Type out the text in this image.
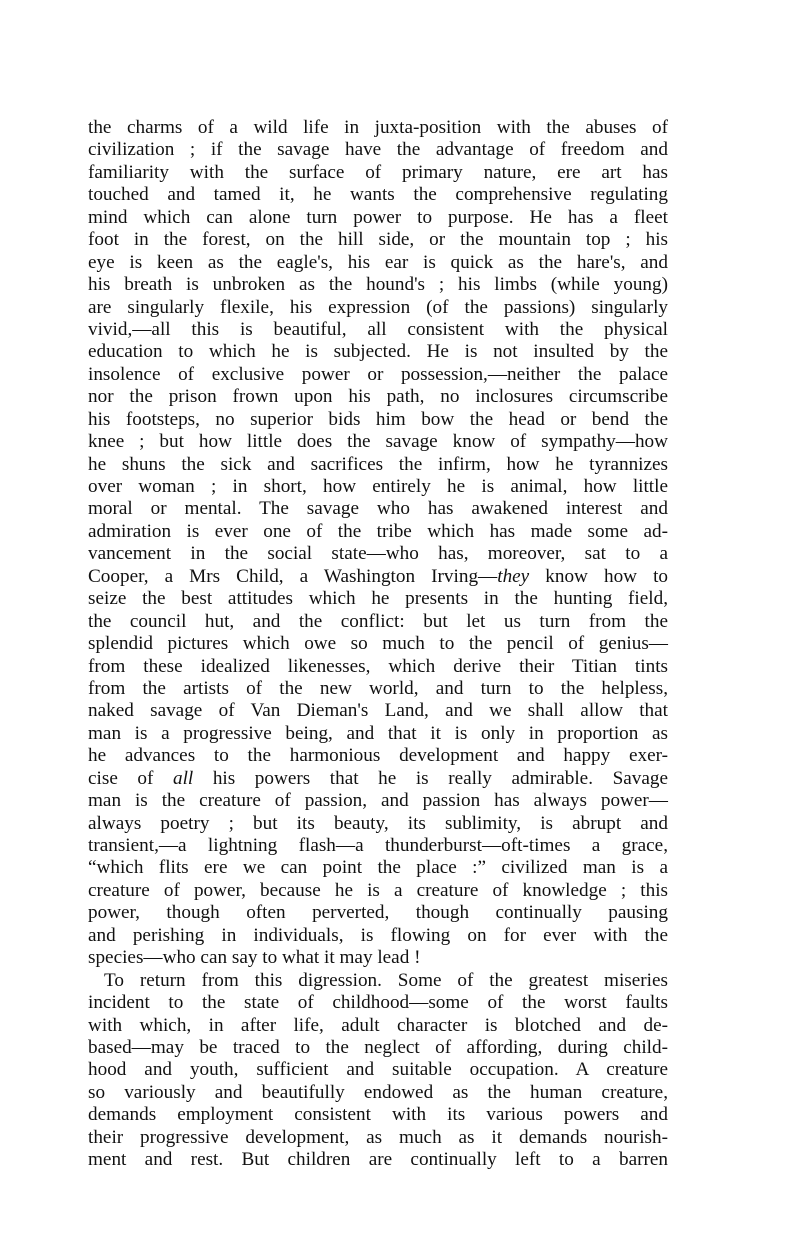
the charms of a wild life in juxta-position with the abuses of
civilization ; if the savage have the advantage of freedom and
familiarity with the surface of primary nature, ere art has
touched and tamed it, he wants the comprehensive regulating
mind which can alone turn power to purpose. He has a fleet
foot in the forest, on the hill side, or the mountain top ; his
eye is keen as the eagle's, his ear is quick as the hare's, and
his breath is unbroken as the hound's ; his limbs (while young)
are singularly flexile, his expression (of the passions) singularly
vivid,—all this is beautiful, all consistent with the physical
education to which he is subjected. He is not insulted by the
insolence of exclusive power or possession,—neither the palace
nor the prison frown upon his path, no inclosures circumscribe
his footsteps, no superior bids him bow the head or bend the
knee ; but how little does the savage know of sympathy—how
he shuns the sick and sacrifices the infirm, how he tyrannizes
over woman ; in short, how entirely he is animal, how little
moral or mental. The savage who has awakened interest and
admiration is ever one of the tribe which has made some ad-
vancement in the social state—who has, moreover, sat to a
Cooper, a Mrs Child, a Washington Irving—they know how to
seize the best attitudes which he presents in the hunting field,
the council hut, and the conflict: but let us turn from the
splendid pictures which owe so much to the pencil of genius—
from these idealized likenesses, which derive their Titian tints
from the artists of the new world, and turn to the helpless,
naked savage of Van Dieman's Land, and we shall allow that
man is a progressive being, and that it is only in proportion as
he advances to the harmonious development and happy exer-
cise of all his powers that he is really admirable. Savage
man is the creature of passion, and passion has always power—
always poetry ; but its beauty, its sublimity, is abrupt and
transient,—a lightning flash—a thunderburst—oft-times a grace,
“which flits ere we can point the place :” civilized man is a
creature of power, because he is a creature of knowledge ; this
power, though often perverted, though continually pausing
and perishing in individuals, is flowing on for ever with the
species—who can say to what it may lead !
To return from this digression. Some of the greatest miseries
incident to the state of childhood—some of the worst faults
with which, in after life, adult character is blotched and de-
based—may be traced to the neglect of affording, during child-
hood and youth, sufficient and suitable occupation. A creature
so variously and beautifully endowed as the human creature,
demands employment consistent with its various powers and
their progressive development, as much as it demands nourish-
ment and rest. But children are continually left to a barren
